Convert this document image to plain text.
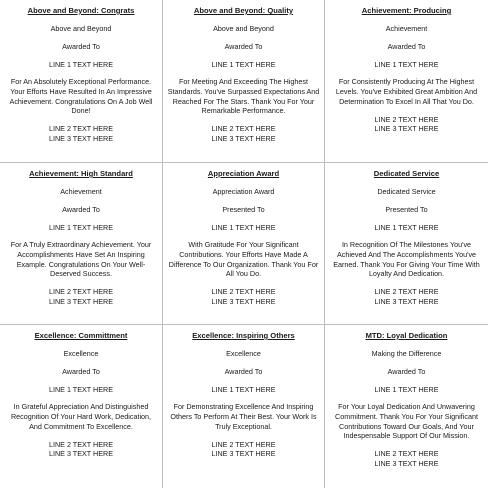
Above and Beyond: Congrats
Above and Beyond
Awarded To
LINE 1 TEXT HERE
For An Absolutely Exceptional Performance. Your Efforts Have Resulted In An Impressive Achievement. Congratulations On A Job Well Done!
LINE 2 TEXT HERE
LINE 3 TEXT HERE
Above and Beyond: Quality
Above and Beyond
Awarded To
LINE 1 TEXT HERE
For Meeting And Exceeding The Highest Standards. You've Surpassed Expectations And Reached For The Stars. Thank You For Your Remarkable Performance.
LINE 2 TEXT HERE
LINE 3 TEXT HERE
Achievement: Producing
Achievement
Awarded To
LINE 1 TEXT HERE
For Consistently Producing At The Highest Levels. You've Exhibited Great Ambition And Determination To Excel In All That You Do.
LINE 2 TEXT HERE
LINE 3 TEXT HERE
Achievement: High Standard
Achievement
Awarded To
LINE 1 TEXT HERE
For A Truly Extraordinary Achievement. Your Accomplishments Have Set An Inspiring Example. Congratulations On Your Well-Deserved Success.
LINE 2 TEXT HERE
LINE 3 TEXT HERE
Appreciation Award
Appreciation Award
Presented To
LINE 1 TEXT HERE
With Gratitude For Your Significant Contributions. Your Efforts Have Made A Difference To Our Organization. Thank You For All You Do.
LINE 2 TEXT HERE
LINE 3 TEXT HERE
Dedicated Service
Dedicated Service
Presented To
LINE 1 TEXT HERE
In Recognition Of The Milestones You've Achieved And The Accomplishments You've Earned. Thank You For Giving Your Time With Loyalty And Dedication.
LINE 2 TEXT HERE
LINE 3 TEXT HERE
Excellence: Committment
Excellence
Awarded To
LINE 1 TEXT HERE
In Grateful Appreciation And Distinguished Recognition Of Your Hard Work, Dedication, And Commitment To Excellence.
LINE 2 TEXT HERE
LINE 3 TEXT HERE
Excellence: Inspiring Others
Excellence
Awarded To
LINE 1 TEXT HERE
For Demonstrating Excellence And Inspiring Others To Perform At Their Best. Your Work Is Truly Exceptional.
LINE 2 TEXT HERE
LINE 3 TEXT HERE
MTD: Loyal Dedication
Making the Difference
Awarded To
LINE 1 TEXT HERE
For Your Loyal Dedication And Unwavering Commitment. Thank You For Your Significant Contributions Toward Our Goals, And Your Indespensable Support Of Our Mission.
LINE 2 TEXT HERE
LINE 3 TEXT HERE
